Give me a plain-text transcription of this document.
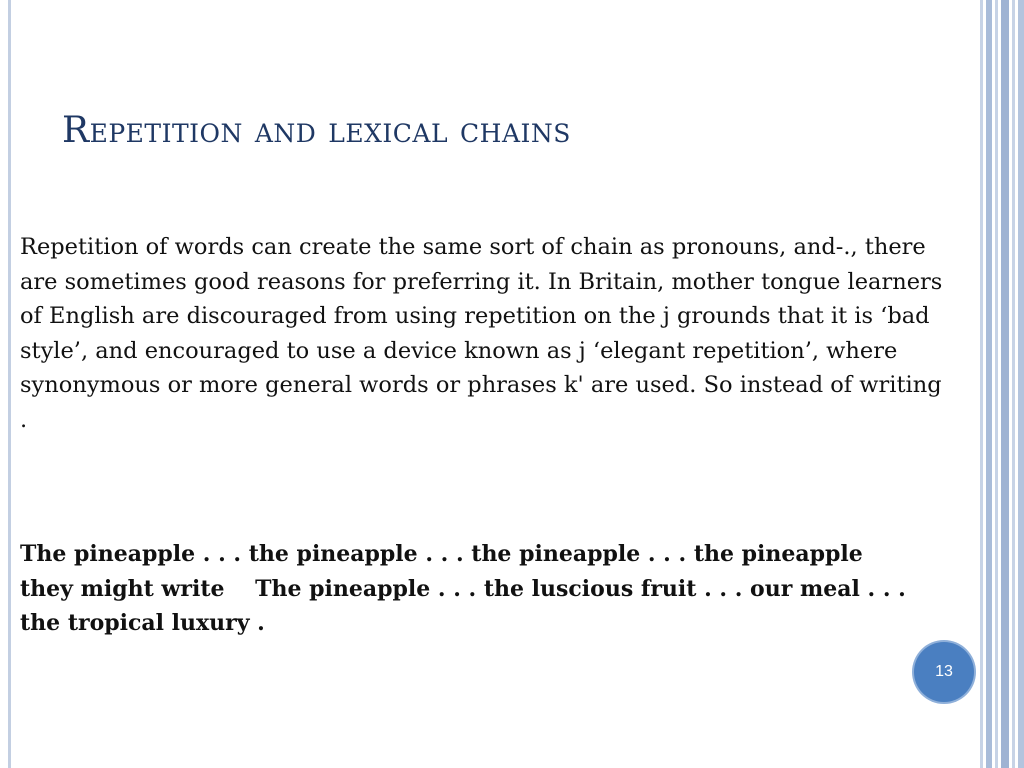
Repetition and lexical chains

Repetition of words can create the same sort of chain as pronouns, and-., there are sometimes good reasons for preferring it. In Britain, mother tongue learners of English are discouraged from using repetition on the j grounds that it is ‘bad style’, and encouraged to use a device known as j ‘elegant repetition’, where synonymous or more general words or phrases k' are used. So instead of writing .

The pineapple . . . the pineapple . . . the pineapple . . . the pineapple
they might write    The pineapple . . . the luscious fruit . . . our meal . . .
the tropical luxury .

13
